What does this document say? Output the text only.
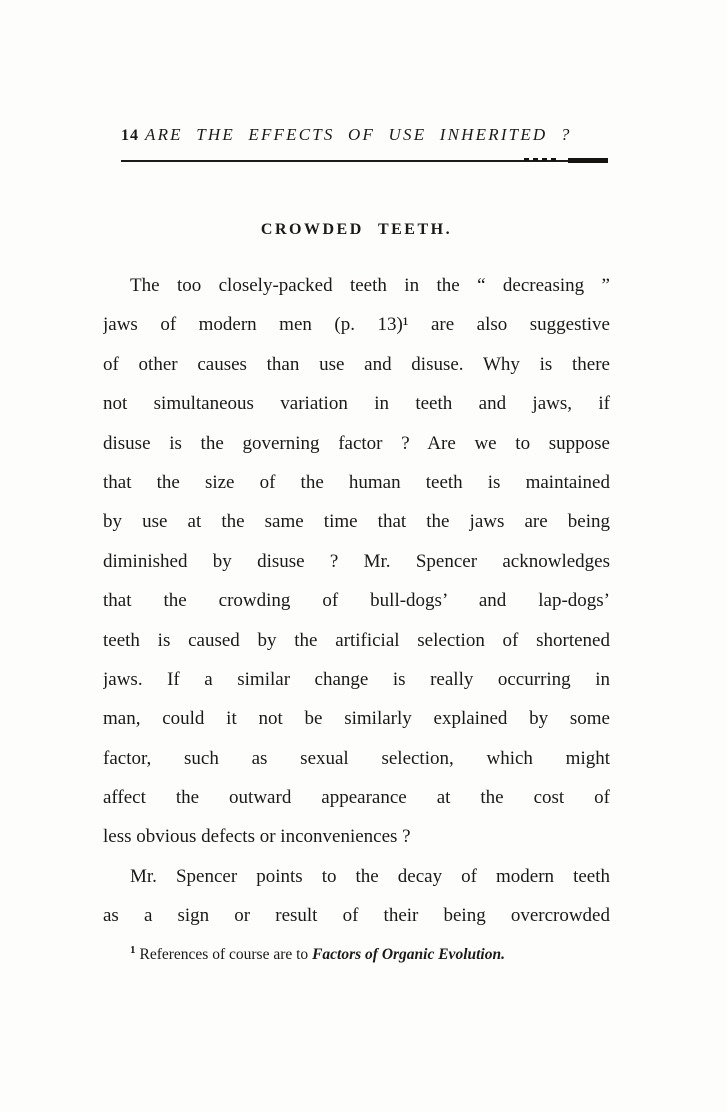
14 ARE THE EFFECTS OF USE INHERITED ?
CROWDED TEETH.
The too closely-packed teeth in the “ decreasing ”
jaws of modern men (p. 13)¹ are also suggestive
of other causes than use and disuse. Why is there
not simultaneous variation in teeth and jaws, if
disuse is the governing factor ? Are we to suppose
that the size of the human teeth is maintained
by use at the same time that the jaws are being
diminished by disuse ? Mr. Spencer acknowledges
that the crowding of bull-dogs’ and lap-dogs’
teeth is caused by the artificial selection of shortened
jaws. If a similar change is really occurring in
man, could it not be similarly explained by some
factor, such as sexual selection, which might
affect the outward appearance at the cost of
less obvious defects or inconveniences ?
Mr. Spencer points to the decay of modern teeth
as a sign or result of their being overcrowded
$^1$ References of course are to Factors of Organic Evolution.
